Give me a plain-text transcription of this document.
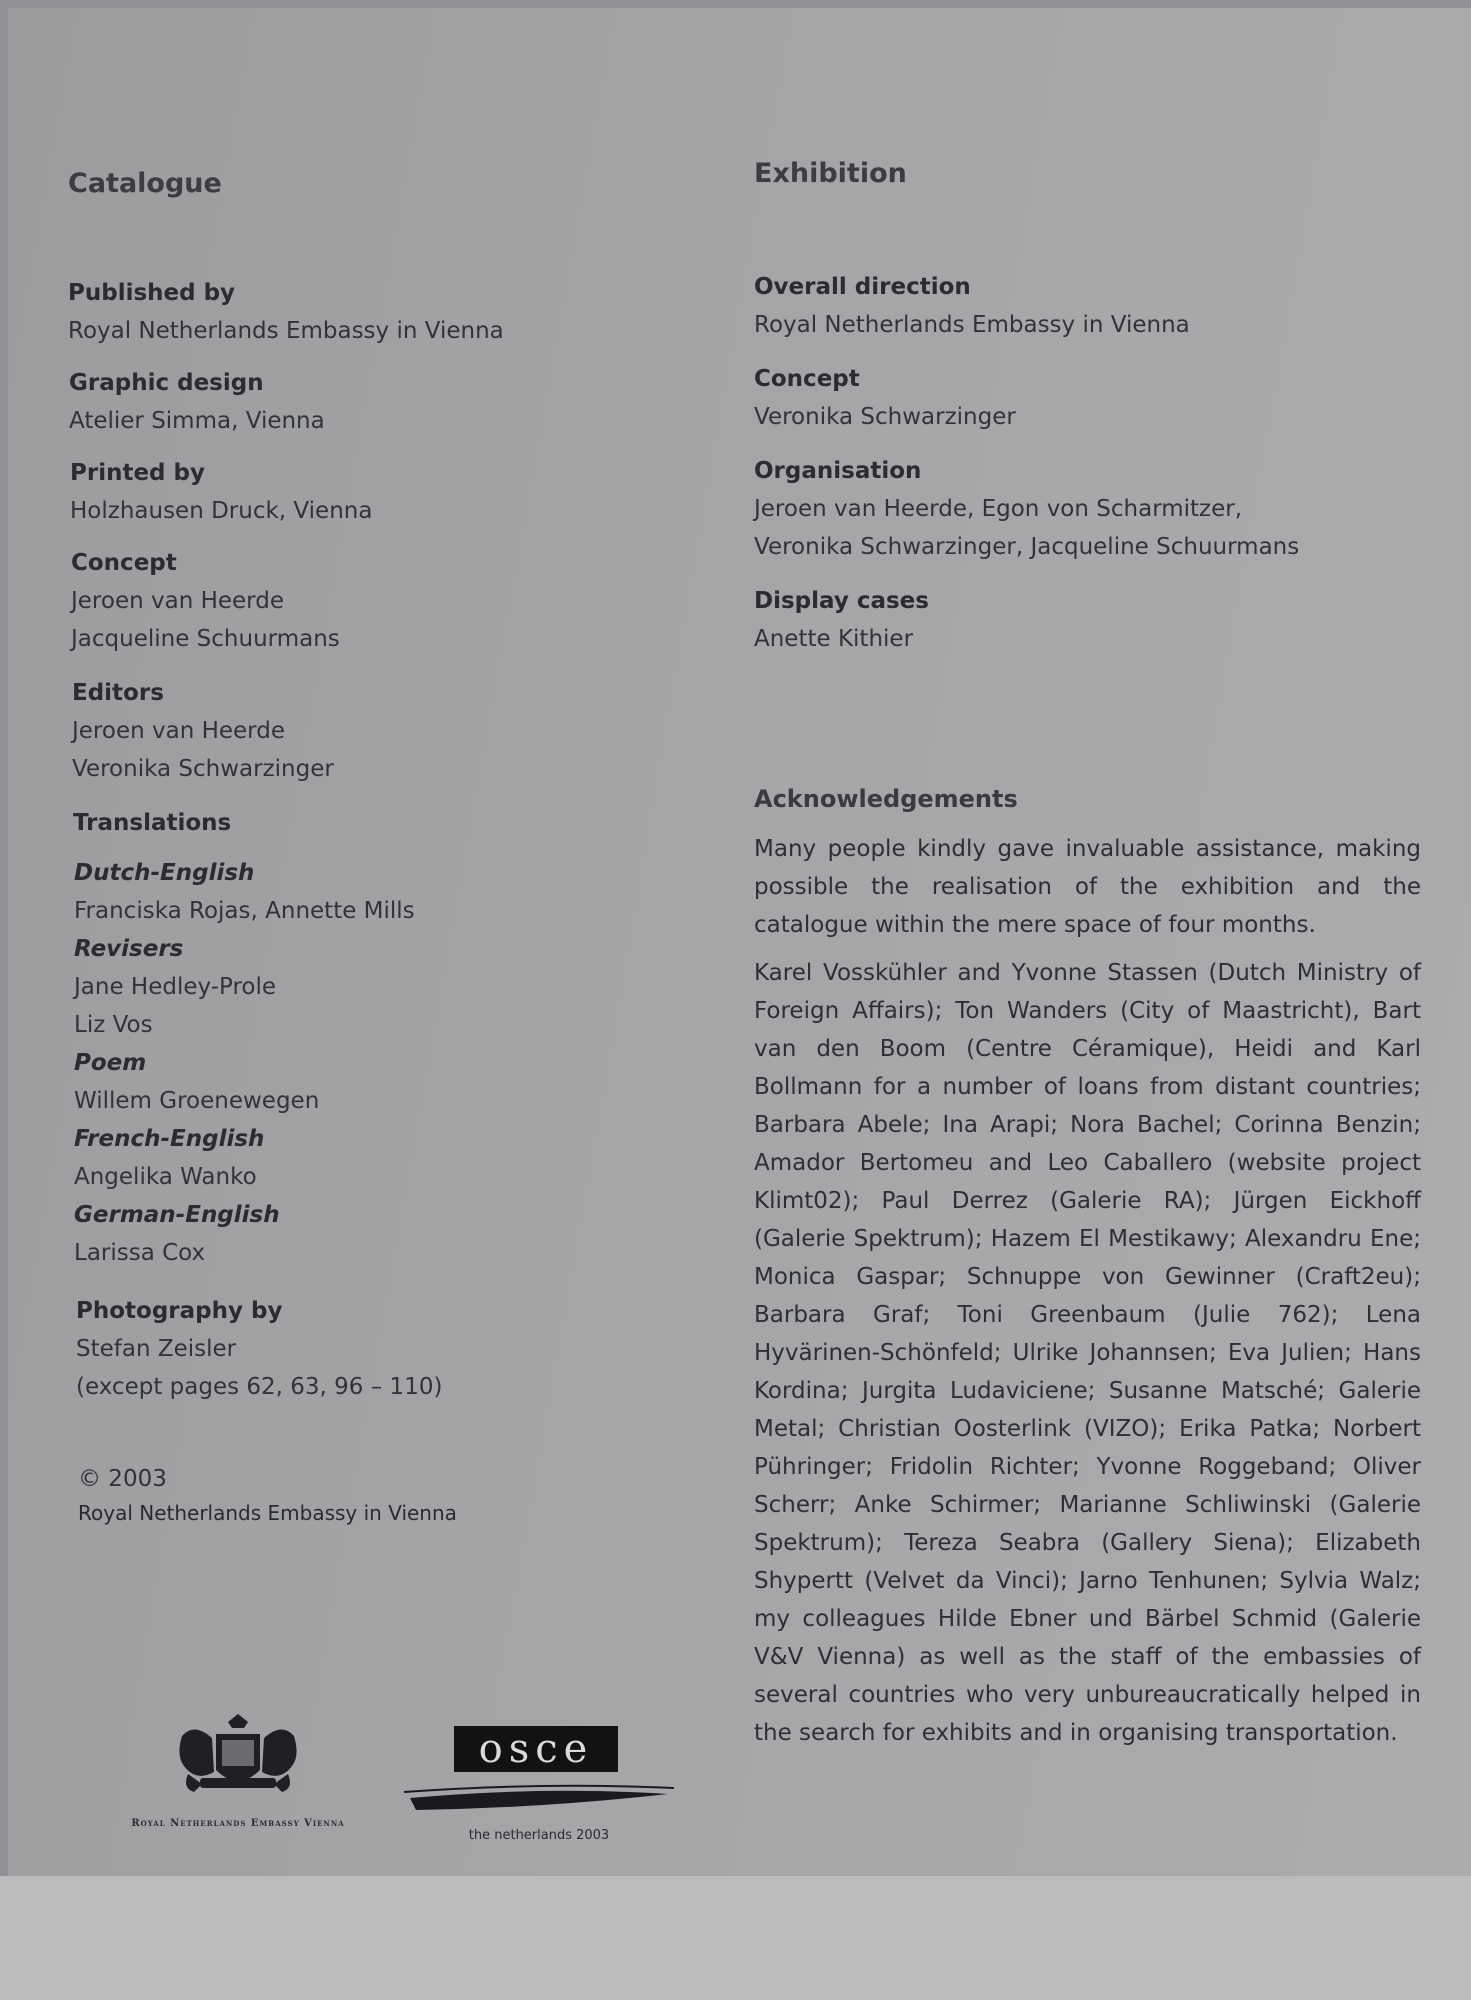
Catalogue

Published by

Royal Netherlands Embassy in Vienna

Graphic design

Atelier Simma, Vienna

Printed by

Holzhausen Druck, Vienna

Concept

Jeroen van Heerde

Jacqueline Schuurmans

Editors

Jeroen van Heerde

Veronika Schwarzinger

Translations

Dutch-English

Franciska Rojas, Annette Mills

Revisers

Jane Hedley-Prole

Liz Vos

Poem

Willem Groenewegen

French-English

Angelika Wanko

German-English

Larissa Cox

Photography by

Stefan Zeisler

(except pages 62, 63, 96 – 110)

© 2003
Royal Netherlands Embassy in Vienna
Royal Netherlands Embassy Vienna
osce
the netherlands 2003
Exhibition

Overall direction

Royal Netherlands Embassy in Vienna

Concept

Veronika Schwarzinger

Organisation

Jeroen van Heerde, Egon von Scharmitzer,

Veronika Schwarzinger, Jacqueline Schuurmans

Display cases

Anette Kithier

Acknowledgements

Many people kindly gave invaluable assistance, making possible the realisation of the exhibition and the catalogue within the mere space of four months.

Karel Vosskühler and Yvonne Stassen (Dutch Ministry of Foreign Affairs); Ton Wanders (City of Maastricht), Bart van den Boom (Centre Céramique), Heidi and Karl Bollmann for a number of loans from distant countries; Barbara Abele; Ina Arapi; Nora Bachel; Corinna Benzin; Amador Bertomeu and Leo Caballero (website project Klimt02); Paul Derrez (Galerie RA); Jürgen Eickhoff (Galerie Spektrum); Hazem El Mestikawy; Alexandru Ene; Monica Gaspar; Schnuppe von Gewinner (Craft2eu); Barbara Graf; Toni Greenbaum (Julie 762); Lena Hyvärinen-Schönfeld; Ulrike Johannsen; Eva Julien; Hans Kordina; Jurgita Ludaviciene; Susanne Matsché; Galerie Metal; Christian Oosterlink (VIZO); Erika Patka; Norbert Pühringer; Fridolin Richter; Yvonne Roggeband; Oliver Scherr; Anke Schirmer; Marianne Schliwinski (Galerie Spektrum); Tereza Seabra (Gallery Siena); Elizabeth Shypertt (Velvet da Vinci); Jarno Tenhunen; Sylvia Walz; my colleagues Hilde Ebner und Bärbel Schmid (Galerie V&V Vienna) as well as the staff of the embassies of several countries who very unbureaucratically helped in the search for exhibits and in organising transportation.
